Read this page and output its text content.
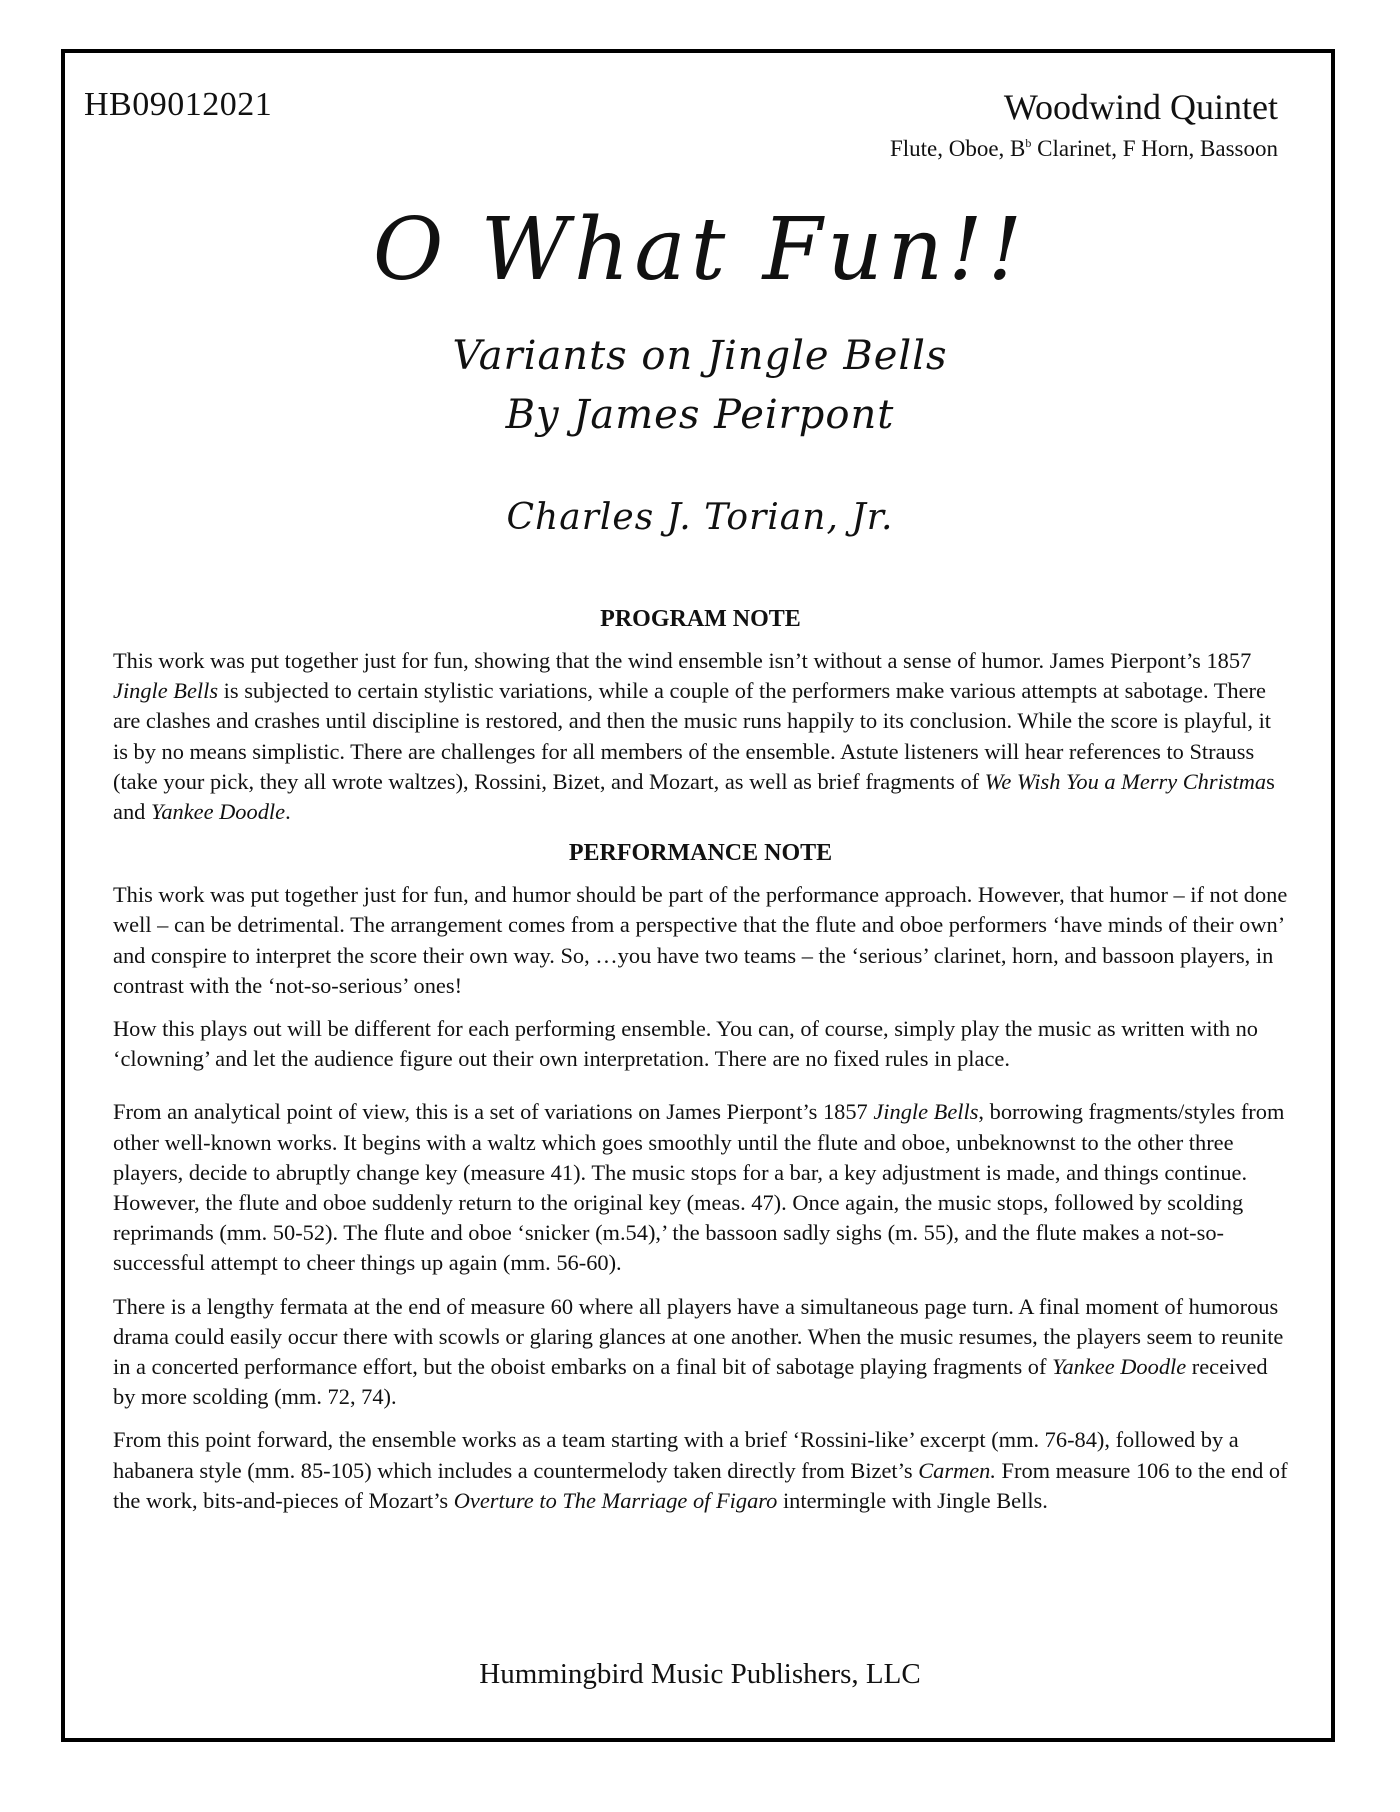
HB09012021	Woodwind Quintet
Flute, Oboe, $B^b$ Clarinet, F Horn, Bassoon
O What Fun!!
Variants on Jingle Bells
By James Peirpont
Charles J. Torian, Jr.
PROGRAM NOTE

This work was put together just for fun, showing that the wind ensemble isn’t without a sense of humor. James Pierpont’s 1857 Jingle Bells is subjected to certain stylistic variations, while a couple of the performers make various attempts at sabotage. There are clashes and crashes until discipline is restored, and then the music runs happily to its conclusion. While the score is playful, it is by no means simplistic. There are challenges for all members of the ensemble. Astute listeners will hear references to Strauss (take your pick, they all wrote waltzes), Rossini, Bizet, and Mozart, as well as brief fragments of We Wish You a Merry Christmas and Yankee Doodle.

PERFORMANCE NOTE

This work was put together just for fun, and humor should be part of the performance approach. However, that humor – if not done well – can be detrimental. The arrangement comes from a perspective that the flute and oboe performers ‘have minds of their own’ and conspire to interpret the score their own way. So, …you have two teams – the ‘serious’ clarinet, horn, and bassoon players, in contrast with the ‘not-so-serious’ ones!

How this plays out will be different for each performing ensemble. You can, of course, simply play the music as written with no ‘clowning’ and let the audience figure out their own interpretation. There are no fixed rules in place.

From an analytical point of view, this is a set of variations on James Pierpont’s 1857 Jingle Bells, borrowing fragments/styles from other well-known works. It begins with a waltz which goes smoothly until the flute and oboe, unbeknownst to the other three players, decide to abruptly change key (measure 41). The music stops for a bar, a key adjustment is made, and things continue. However, the flute and oboe suddenly return to the original key (meas. 47). Once again, the music stops, followed by scolding reprimands (mm. 50-52). The flute and oboe ‘snicker (m.54),’ the bassoon sadly sighs (m. 55), and the flute makes a not-so-successful attempt to cheer things up again (mm. 56-60).

There is a lengthy fermata at the end of measure 60 where all players have a simultaneous page turn. A final moment of humorous drama could easily occur there with scowls or glaring glances at one another. When the music resumes, the players seem to reunite in a concerted performance effort, but the oboist embarks on a final bit of sabotage playing fragments of Yankee Doodle received by more scolding (mm. 72, 74).

From this point forward, the ensemble works as a team starting with a brief ‘Rossini-like’ excerpt (mm. 76-84), followed by a habanera style (mm. 85-105) which includes a countermelody taken directly from Bizet’s Carmen. From measure 106 to the end of the work, bits-and-pieces of Mozart’s Overture to The Marriage of Figaro intermingle with Jingle Bells.

Hummingbird Music Publishers, LLC
